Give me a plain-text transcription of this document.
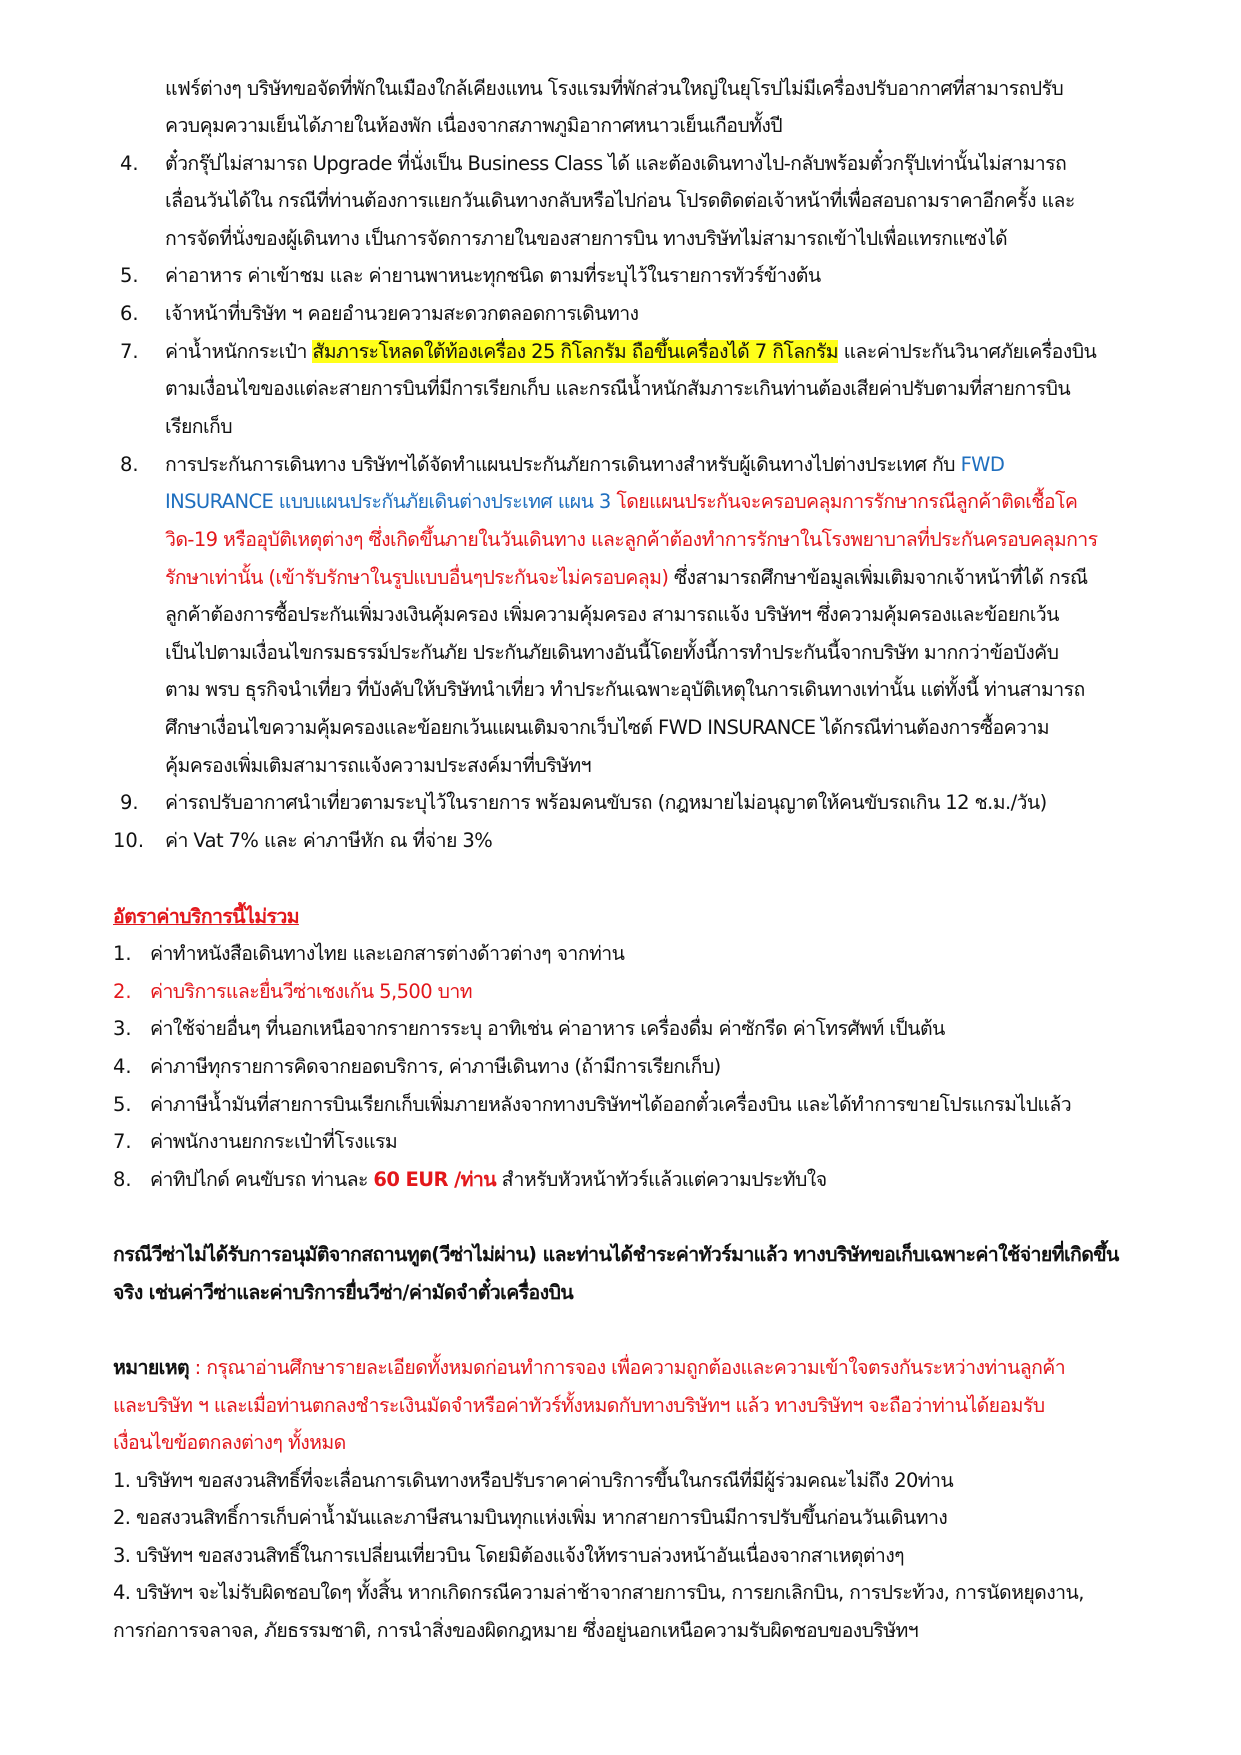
แฟร์ต่างๆ บริษัทขอจัดที่พักในเมืองใกล้เคียงแทน โรงแรมที่พักส่วนใหญ่ในยุโรปไม่มีเครื่องปรับอากาศที่สามารถปรับ
ควบคุมความเย็นได้ภายในห้องพัก เนื่องจากสภาพภูมิอากาศหนาวเย็นเกือบทั้งปี
4. ตั๋วกรุ๊ปไม่สามารถ Upgrade ที่นั่งเป็น Business Class ได้ และต้องเดินทางไป-กลับพร้อมตั๋วกรุ๊ปเท่านั้นไม่สามารถ
เลื่อนวันได้ใน กรณีที่ท่านต้องการแยกวันเดินทางกลับหรือไปก่อน โปรดติดต่อเจ้าหน้าที่เพื่อสอบถามราคาอีกครั้ง และ
การจัดที่นั่งของผู้เดินทาง เป็นการจัดการภายในของสายการบิน ทางบริษัทไม่สามารถเข้าไปเพื่อแทรกแซงได้
5. ค่าอาหาร ค่าเข้าชม และ ค่ายานพาหนะทุกชนิด ตามที่ระบุไว้ในรายการทัวร์ข้างต้น
6. เจ้าหน้าที่บริษัท ฯ คอยอำนวยความสะดวกตลอดการเดินทาง
7. ค่าน้ำหนักกระเป๋า สัมภาระโหลดใต้ท้องเครื่อง 25 กิโลกรัม ถือขึ้นเครื่องได้ 7 กิโลกรัม และค่าประกันวินาศภัยเครื่องบิน
ตามเงื่อนไขของแต่ละสายการบินที่มีการเรียกเก็บ และกรณีน้ำหนักสัมภาระเกินท่านต้องเสียค่าปรับตามที่สายการบิน
เรียกเก็บ
8. การประกันการเดินทาง บริษัทฯได้จัดทำแผนประกันภัยการเดินทางสำหรับผู้เดินทางไปต่างประเทศ กับ FWD
INSURANCE แบบแผนประกันภัยเดินต่างประเทศ แผน 3 โดยแผนประกันจะครอบคลุมการรักษากรณีลูกค้าติดเชื้อโค
วิด-19 หรืออุบัติเหตุต่างๆ ซึ่งเกิดขึ้นภายในวันเดินทาง และลูกค้าต้องทำการรักษาในโรงพยาบาลที่ประกันครอบคลุมการ
รักษาเท่านั้น (เข้ารับรักษาในรูปแบบอื่นๆประกันจะไม่ครอบคลุม) ซึ่งสามารถศึกษาข้อมูลเพิ่มเติมจากเจ้าหน้าที่ได้ กรณี
ลูกค้าต้องการซื้อประกันเพิ่มวงเงินคุ้มครอง เพิ่มความคุ้มครอง สามารถแจ้ง บริษัทฯ ซึ่งความคุ้มครองและข้อยกเว้น
เป็นไปตามเงื่อนไขกรมธรรม์ประกันภัย ประกันภัยเดินทางอันนี้โดยทั้งนี้การทำประกันนี้จากบริษัท มากกว่าข้อบังคับ
ตาม พรบ ธุรกิจนำเที่ยว ที่บังคับให้บริษัทนำเที่ยว ทำประกันเฉพาะอุบัติเหตุในการเดินทางเท่านั้น แต่ทั้งนี้ ท่านสามารถ
ศึกษาเงื่อนไขความคุ้มครองและข้อยกเว้นแผนเติมจากเว็บไซต์ FWD INSURANCE ได้กรณีท่านต้องการซื้อความ
คุ้มครองเพิ่มเติมสามารถแจ้งความประสงค์มาที่บริษัทฯ
9. ค่ารถปรับอากาศนำเที่ยวตามระบุไว้ในรายการ พร้อมคนขับรถ (กฎหมายไม่อนุญาตให้คนขับรถเกิน 12 ช.ม./วัน)
10. ค่า Vat 7% และ ค่าภาษีหัก ณ ที่จ่าย 3%
อัตราค่าบริการนี้ไม่รวม
1. ค่าทำหนังสือเดินทางไทย และเอกสารต่างด้าวต่างๆ จากท่าน
2. ค่าบริการและยื่นวีซ่าเชงเก้น 5,500 บาท
3. ค่าใช้จ่ายอื่นๆ ที่นอกเหนือจากรายการระบุ อาทิเช่น ค่าอาหาร เครื่องดื่ม ค่าซักรีด ค่าโทรศัพท์ เป็นต้น
4. ค่าภาษีทุกรายการคิดจากยอดบริการ, ค่าภาษีเดินทาง (ถ้ามีการเรียกเก็บ)
5. ค่าภาษีน้ำมันที่สายการบินเรียกเก็บเพิ่มภายหลังจากทางบริษัทฯได้ออกตั๋วเครื่องบิน และได้ทำการขายโปรแกรมไปแล้ว
7. ค่าพนักงานยกกระเป๋าที่โรงแรม
8. ค่าทิปไกด์ คนขับรถ ท่านละ 60 EUR /ท่าน สำหรับหัวหน้าทัวร์แล้วแต่ความประทับใจ
กรณีวีซ่าไม่ได้รับการอนุมัติจากสถานทูต(วีซ่าไม่ผ่าน) และท่านได้ชำระค่าทัวร์มาแล้ว ทางบริษัทขอเก็บเฉพาะค่าใช้จ่ายที่เกิดขึ้น
จริง เช่นค่าวีซ่าและค่าบริการยื่นวีซ่า/ค่ามัดจำตั๋วเครื่องบิน
หมายเหตุ : กรุณาอ่านศึกษารายละเอียดทั้งหมดก่อนทำการจอง เพื่อความถูกต้องและความเข้าใจตรงกันระหว่างท่านลูกค้า
และบริษัท ฯ และเมื่อท่านตกลงชำระเงินมัดจำหรือค่าทัวร์ทั้งหมดกับทางบริษัทฯ แล้ว ทางบริษัทฯ จะถือว่าท่านได้ยอมรับ
เงื่อนไขข้อตกลงต่างๆ ทั้งหมด
1. บริษัทฯ ขอสงวนสิทธิ์ที่จะเลื่อนการเดินทางหรือปรับราคาค่าบริการขึ้นในกรณีที่มีผู้ร่วมคณะไม่ถึง 20ท่าน
2. ขอสงวนสิทธิ์การเก็บค่าน้ำมันและภาษีสนามบินทุกแห่งเพิ่ม หากสายการบินมีการปรับขึ้นก่อนวันเดินทาง
3. บริษัทฯ ขอสงวนสิทธิ์ในการเปลี่ยนเที่ยวบิน โดยมิต้องแจ้งให้ทราบล่วงหน้าอันเนื่องจากสาเหตุต่างๆ
4. บริษัทฯ จะไม่รับผิดชอบใดๆ ทั้งสิ้น หากเกิดกรณีความล่าช้าจากสายการบิน, การยกเลิกบิน, การประท้วง, การนัดหยุดงาน,
การก่อการจลาจล, ภัยธรรมชาติ, การนำสิ่งของผิดกฎหมาย ซึ่งอยู่นอกเหนือความรับผิดชอบของบริษัทฯ
